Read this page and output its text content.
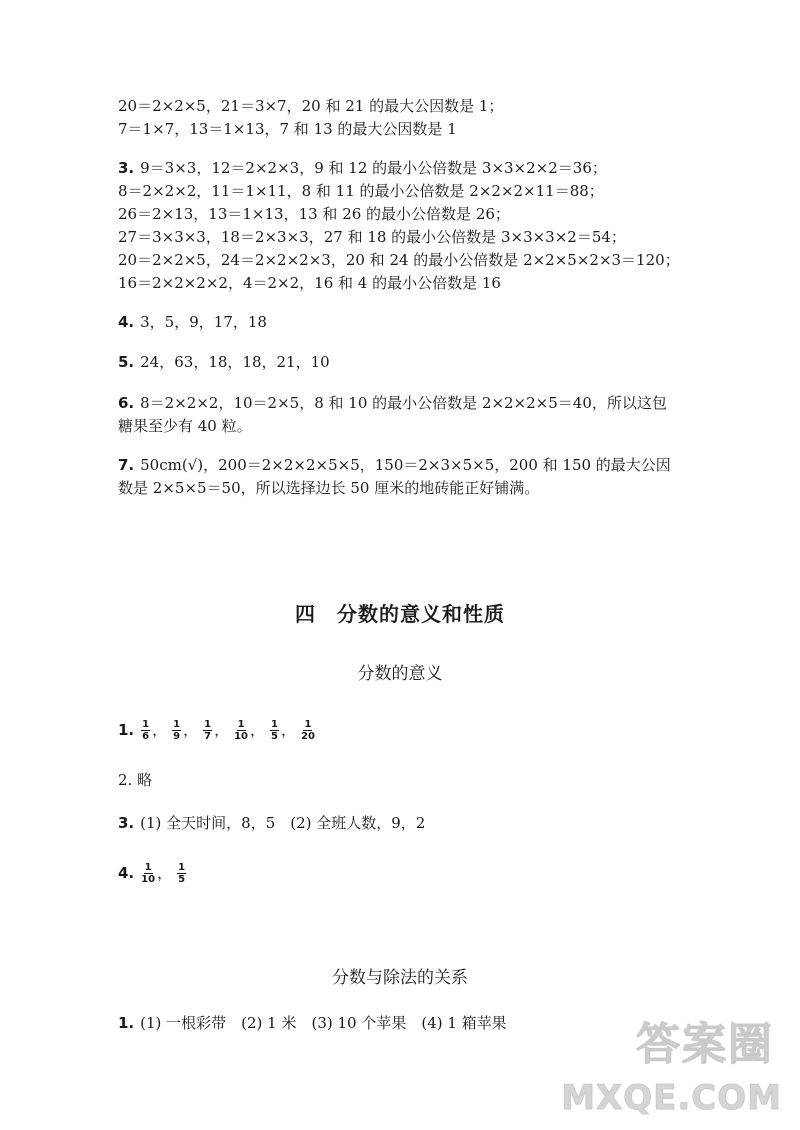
20＝2×2×5，21＝3×7，20 和 21 的最大公因数是 1；
7＝1×7，13＝1×13，7 和 13 的最大公因数是 1
3. 9＝3×3，12＝2×2×3，9 和 12 的最小公倍数是 3×3×2×2＝36；
8＝2×2×2，11＝1×11，8 和 11 的最小公倍数是 2×2×2×11＝88；
26＝2×13，13＝1×13，13 和 26 的最小公倍数是 26；
27＝3×3×3，18＝2×3×3，27 和 18 的最小公倍数是 3×3×3×2＝54；
20＝2×2×5，24＝2×2×2×3，20 和 24 的最小公倍数是 2×2×5×2×3＝120；
16＝2×2×2×2，4＝2×2，16 和 4 的最小公倍数是 16
4. 3，5，9，17，18
5. 24，63，18，18，21，10
6. 8＝2×2×2，10＝2×5，8 和 10 的最小公倍数是 2×2×2×5＝40，所以这包
糖果至少有 40 粒。
7. 50cm(√)，200＝2×2×2×5×5，150＝2×3×5×5，200 和 150 的最大公因
数是 2×5×5＝50，所以选择边长 50 厘米的地砖能正好铺满。
四　分数的意义和性质
分数的意义
1. $\frac{1}{6}$ ， $\frac{1}{9}$ ， $\frac{1}{7}$ ， $\frac{1}{10}$ ， $\frac{1}{5}$ ， $\frac{1}{20}$
2. 略
3. (1) 全天时间，8，5　(2) 全班人数，9，2
4. $\frac{1}{10}$ ， $\frac{1}{5}$
分数与除法的关系
1. (1) 一根彩带　(2) 1 米　(3) 10 个苹果　(4) 1 箱苹果	答案圈
MXQE.COM
